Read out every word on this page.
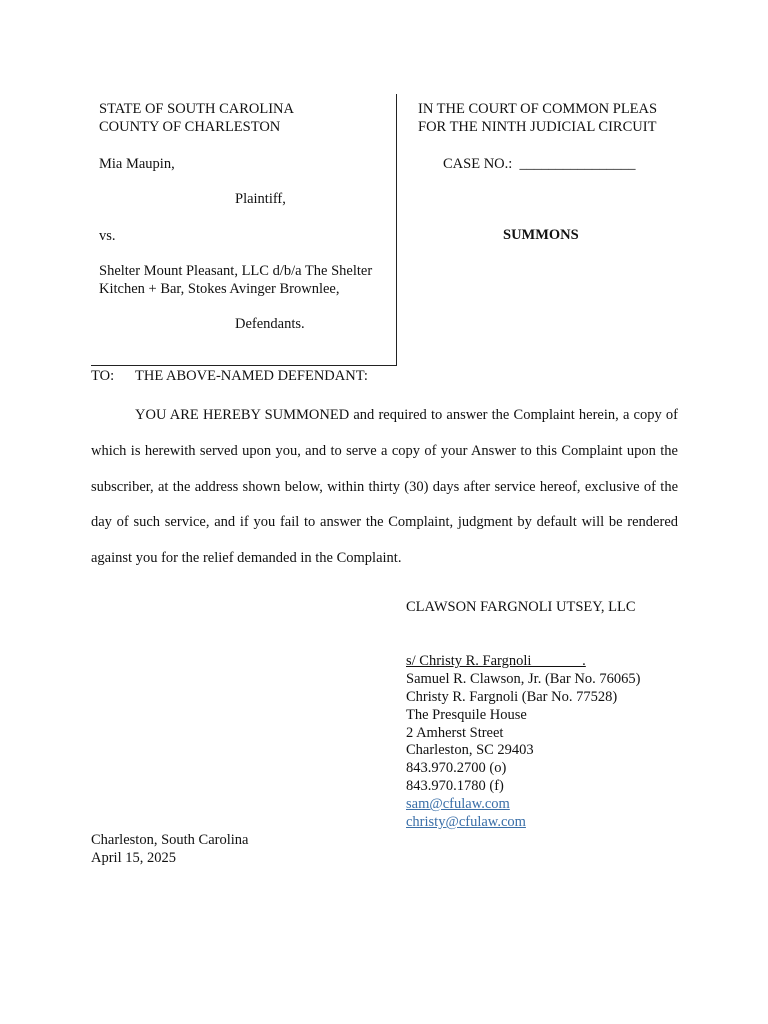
STATE OF SOUTH CAROLINA
COUNTY OF CHARLESTON
Mia Maupin,
Plaintiff,
vs.
Shelter Mount Pleasant, LLC d/b/a The Shelter
Kitchen + Bar, Stokes Avinger Brownlee,
Defendants.
IN THE COURT OF COMMON PLEAS
FOR THE NINTH JUDICIAL CIRCUIT
CASE NO.: ________________
SUMMONS
TO: THE ABOVE-NAMED DEFENDANT:

YOU ARE HEREBY SUMMONED and required to answer the Complaint herein, a copy of which is herewith served upon you, and to serve a copy of your Answer to this Complaint upon the subscriber, at the address shown below, within thirty (30) days after service hereof, exclusive of the day of such service, and if you fail to answer the Complaint, judgment by default will be rendered against you for the relief demanded in the Complaint.

CLAWSON FARGNOLI UTSEY, LLC
s/ Christy R. Fargnoli              .
Samuel R. Clawson, Jr. (Bar No. 76065)
Christy R. Fargnoli (Bar No. 77528)
The Presquile House
2 Amherst Street
Charleston, SC 29403
843.970.2700 (o)
843.970.1780 (f)
sam@cfulaw.com
christy@cfulaw.com
Charleston, South Carolina
April 15, 2025
